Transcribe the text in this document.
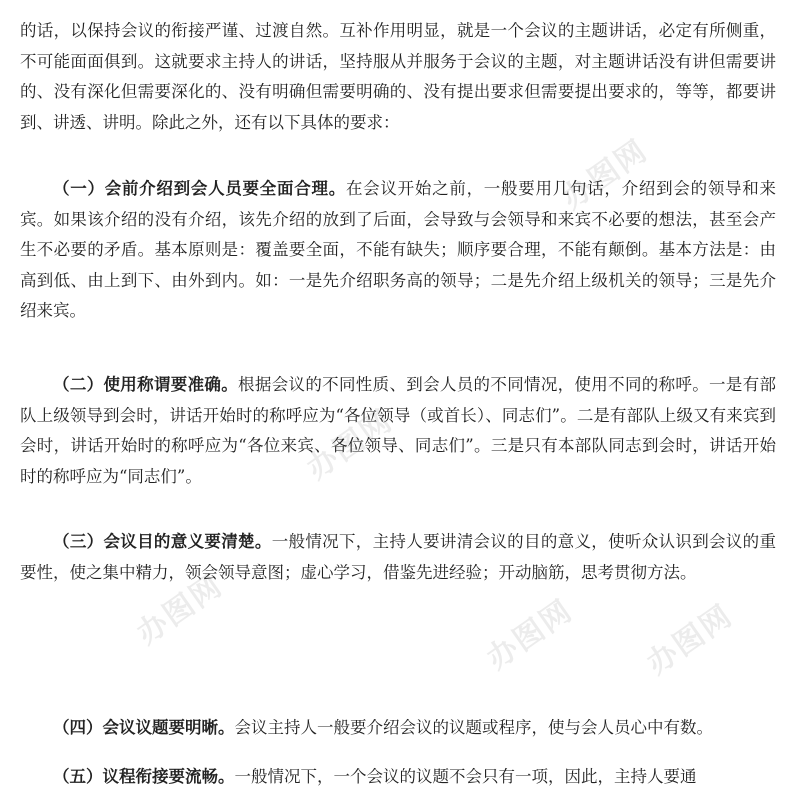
办图网
办图网
办图网
办图网	办图网

的话，以保持会议的衔接严谨、过渡自然。互补作用明显，就是一个会议的主题讲话，必定有所侧重，不可能面面俱到。这就要求主持人的讲话，坚持服从并服务于会议的主题，对主题讲话没有讲但需要讲的、没有深化但需要深化的、没有明确但需要明确的、没有提出要求但需要提出要求的，等等，都要讲到、讲透、讲明。除此之外，还有以下具体的要求：

（一）会前介绍到会人员要全面合理。在会议开始之前，一般要用几句话，介绍到会的领导和来宾。如果该介绍的没有介绍，该先介绍的放到了后面，会导致与会领导和来宾不必要的想法，甚至会产生不必要的矛盾。基本原则是：覆盖要全面，不能有缺失；顺序要合理，不能有颠倒。基本方法是：由高到低、由上到下、由外到内。如：一是先介绍职务高的领导；二是先介绍上级机关的领导；三是先介绍来宾。

（二）使用称谓要准确。根据会议的不同性质、到会人员的不同情况，使用不同的称呼。一是有部队上级领导到会时，讲话开始时的称呼应为“各位领导（或首长）、同志们”。二是有部队上级又有来宾到会时，讲话开始时的称呼应为“各位来宾、各位领导、同志们”。三是只有本部队同志到会时，讲话开始时的称呼应为“同志们”。

（三）会议目的意义要清楚。一般情况下，主持人要讲清会议的目的意义，使听众认识到会议的重要性，使之集中精力，领会领导意图；虚心学习，借鉴先进经验；开动脑筋，思考贯彻方法。

（四）会议议题要明晰。会议主持人一般要介绍会议的议题或程序，使与会人员心中有数。

（五）议程衔接要流畅。一般情况下，一个会议的议题不会只有一项，因此，主持人要通
